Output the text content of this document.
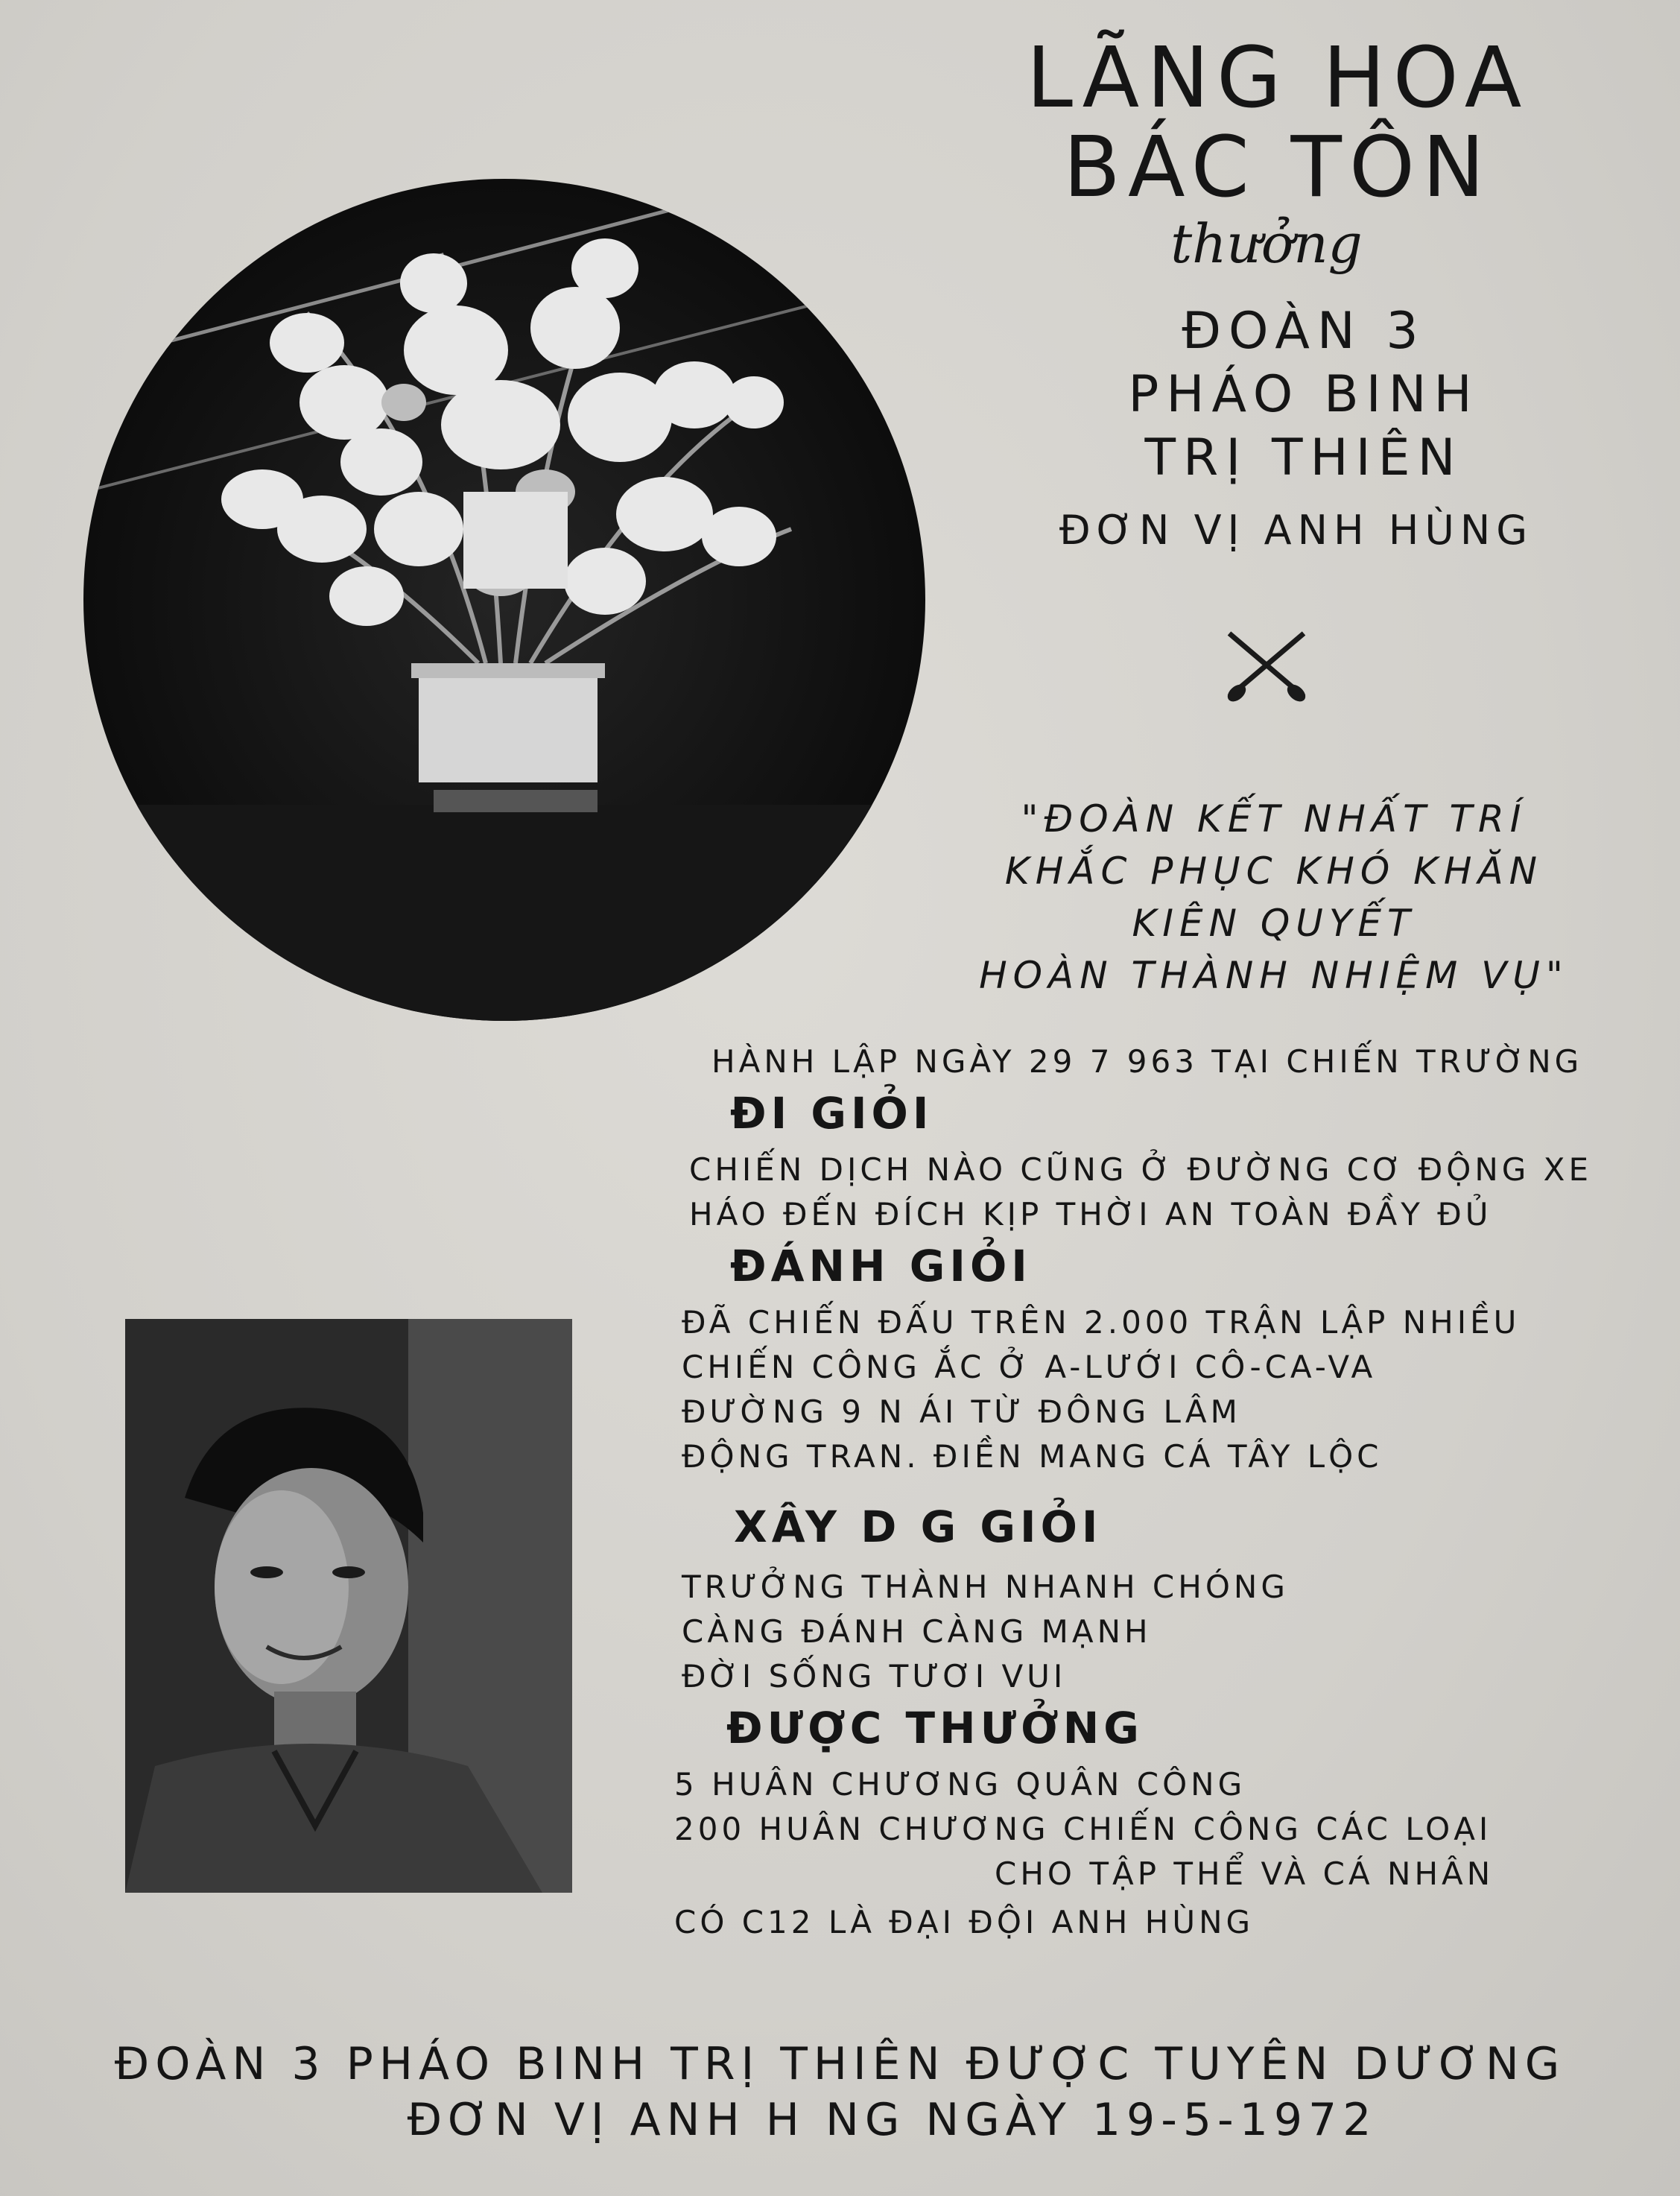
LÃNG HOA
BÁC TÔN
thưởng
ĐOÀN 3
PHÁO BINH
TRỊ THIÊN
ĐƠN VỊ ANH HÙNG
"ĐOÀN KẾT NHẤT TRÍ
KHẮC PHỤC KHÓ KHĂN
KIÊN QUYẾT
HOÀN THÀNH NHIỆM VỤ"
HÀNH LẬP NGÀY 29 7 963 TẠI CHIẾN TRƯỜNG
ĐI GIỎI
CHIẾN DỊCH NÀO CŨNG Ở ĐƯỜNG CƠ ĐỘNG XE
HÁO ĐẾN ĐÍCH KỊP THỜI AN TOÀN ĐẦY ĐỦ
ĐÁNH GIỎI
ĐÃ CHIẾN ĐẤU TRÊN 2.000 TRẬN LẬP NHIỀU
CHIẾN CÔNG ẮC Ở A-LƯỚI CÔ-CA-VA
ĐƯỜNG 9 N ÁI TỪ ĐÔNG LÂM
ĐỘNG TRAN. ĐIỀN MANG CÁ TÂY LỘC
XÂY D G GIỎI
TRƯỞNG THÀNH NHANH CHÓNG
CÀNG ĐÁNH CÀNG MẠNH
ĐỜI SỐNG TƯƠI VUI
ĐƯỢC THƯỞNG
5 HUÂN CHƯƠNG QUÂN CÔNG
200 HUÂN CHƯƠNG CHIẾN CÔNG CÁC LOẠI
CHO TẬP THỂ VÀ CÁ NHÂN
CÓ C12 LÀ ĐẠI ĐỘI ANH HÙNG
ĐOÀN 3 PHÁO BINH TRỊ THIÊN ĐƯỢC TUYÊN DƯƠNG
ĐƠN VỊ ANH H NG NGÀY 19-5-1972
